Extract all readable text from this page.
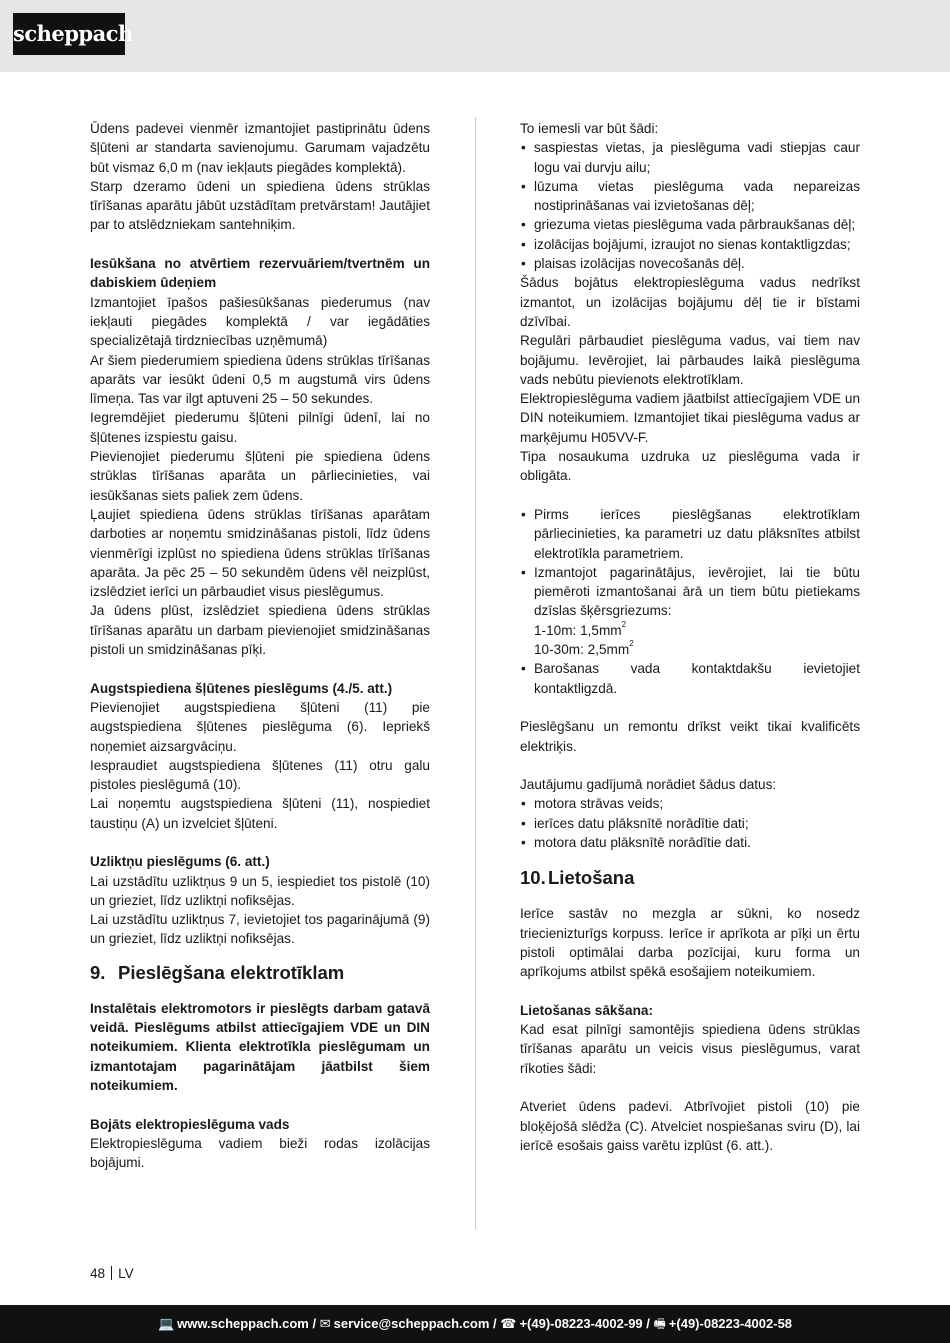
scheppach

Ūdens padevei vienmēr izmantojiet pastiprinātu ūdens šļūteni ar standarta savienojumu. Garumam vajadzētu būt vismaz 6,0 m (nav iekļauts piegādes komplektā).

Starp dzeramo ūdeni un spiediena ūdens strūklas tīrīšanas aparātu jābūt uzstādītam pretvārstam! Jautājiet par to atslēdzniekam santehniķim.

Iesūkšana no atvērtiem rezervuāriem/tvertnēm un dabiskiem ūdeņiem

Izmantojiet īpašos pašiesūkšanas piederumus (nav iekļauti piegādes komplektā / var iegādāties specializētajā tirdzniecības uzņēmumā)

Ar šiem piederumiem spiediena ūdens strūklas tīrīšanas aparāts var iesūkt ūdeni 0,5 m augstumā virs ūdens līmeņa. Tas var ilgt aptuveni 25 – 50 sekundes.

Iegremdējiet piederumu šļūteni pilnīgi ūdenī, lai no šļūtenes izspiestu gaisu.

Pievienojiet piederumu šļūteni pie spiediena ūdens strūklas tīrīšanas aparāta un pārliecinieties, vai iesūkšanas siets paliek zem ūdens.

Ļaujiet spiediena ūdens strūklas tīrīšanas aparātam darboties ar noņemtu smidzināšanas pistoli, līdz ūdens vienmērīgi izplūst no spiediena ūdens strūklas tīrīšanas aparāta. Ja pēc 25 – 50 sekundēm ūdens vēl neizplūst, izslēdziet ierīci un pārbaudiet visus pieslēgumus.

Ja ūdens plūst, izslēdziet spiediena ūdens strūklas tīrīšanas aparātu un darbam pievienojiet smidzināšanas pistoli un smidzināšanas pīķi.

Augstspiediena šļūtenes pieslēgums (4./5. att.)

Pievienojiet augstspiediena šļūteni (11) pie augstspiediena šļūtenes pieslēguma (6). Iepriekš noņemiet aizsargvāciņu.

Iespraudiet augstspiediena šļūtenes (11) otru galu pistoles pieslēgumā (10).

Lai noņemtu augstspiediena šļūteni (11), nospiediet taustiņu (A) un izvelciet šļūteni.

Uzliktņu pieslēgums (6. att.)

Lai uzstādītu uzliktņus 9 un 5, iespiediet tos pistolē (10) un grieziet, līdz uzliktņi nofiksējas.

Lai uzstādītu uzliktņus 7, ievietojiet tos pagarinājumā (9) un grieziet, līdz uzliktņi nofiksējas.

9. Pieslēgšana elektrotīklam

Instalētais elektromotors ir pieslēgts darbam gatavā veidā. Pieslēgums atbilst attiecīgajiem VDE un DIN noteikumiem. Klienta elektrotīkla pieslēgumam un izmantotajam pagarinātājam jāatbilst šiem noteikumiem.

Bojāts elektropieslēguma vads

Elektropieslēguma vadiem bieži rodas izolācijas bojājumi.

To iemesli var būt šādi:

• saspiestas vietas, ja pieslēguma vadi stiepjas caur logu vai durvju ailu;
• lūzuma vietas pieslēguma vada nepareizas nostiprināšanas vai izvietošanas dēļ;
• griezuma vietas pieslēguma vada pārbraukšanas dēļ;
• izolācijas bojājumi, izraujot no sienas kontaktligzdas;
• plaisas izolācijas novecošanās dēļ.

Šādus bojātus elektropieslēguma vadus nedrīkst izmantot, un izolācijas bojājumu dēļ tie ir bīstami dzīvībai.

Regulāri pārbaudiet pieslēguma vadus, vai tiem nav bojājumu. Ievērojiet, lai pārbaudes laikā pieslēguma vads nebūtu pievienots elektrotīklam.

Elektropieslēguma vadiem jāatbilst attiecīgajiem VDE un DIN noteikumiem. Izmantojiet tikai pieslēguma vadus ar marķējumu H05VV-F.

Tipa nosaukuma uzdruka uz pieslēguma vada ir obligāta.

• Pirms ierīces pieslēgšanas elektrotīklam pārliecinieties, ka parametri uz datu plāksnītes atbilst elektrotīkla parametriem.
• Izmantojot pagarinātājus, ievērojiet, lai tie būtu piemēroti izmantošanai ārā un tiem būtu pietiekams dzīslas šķērsgriezums:
1-10m: $1,5mm^2$
10-30m: $2,5mm^2$
• Barošanas vada kontaktdakšu ievietojiet kontaktligzdā.

Pieslēgšanu un remontu drīkst veikt tikai kvalificēts elektriķis.

Jautājumu gadījumā norādiet šādus datus:

• motora strāvas veids;
• ierīces datu plāksnītē norādītie dati;
• motora datu plāksnītē norādītie dati.
10. Lietošana

Ierīce sastāv no mezgla ar sūkni, ko nosedz triecienizturīgs korpuss. Ierīce ir aprīkota ar pīķi un ērtu pistoli optimālai darba pozīcijai, kuru forma un aprīkojums atbilst spēkā esošajiem noteikumiem.

Lietošanas sākšana:

Kad esat pilnīgi samontējis spiediena ūdens strūklas tīrīšanas aparātu un veicis visus pieslēgumus, varat rīkoties šādi:

Atveriet ūdens padevi. Atbrīvojiet pistoli (10) pie bloķējošā slēdža (C). Atvelciet nospiešanas sviru (D), lai ierīcē esošais gaiss varētu izplūst (6. att.).

48 LV
💻 www.scheppach.com / ✉ service@scheppach.com / ☎ +(49)-08223-4002-99 / 🖷 +(49)-08223-4002-58
